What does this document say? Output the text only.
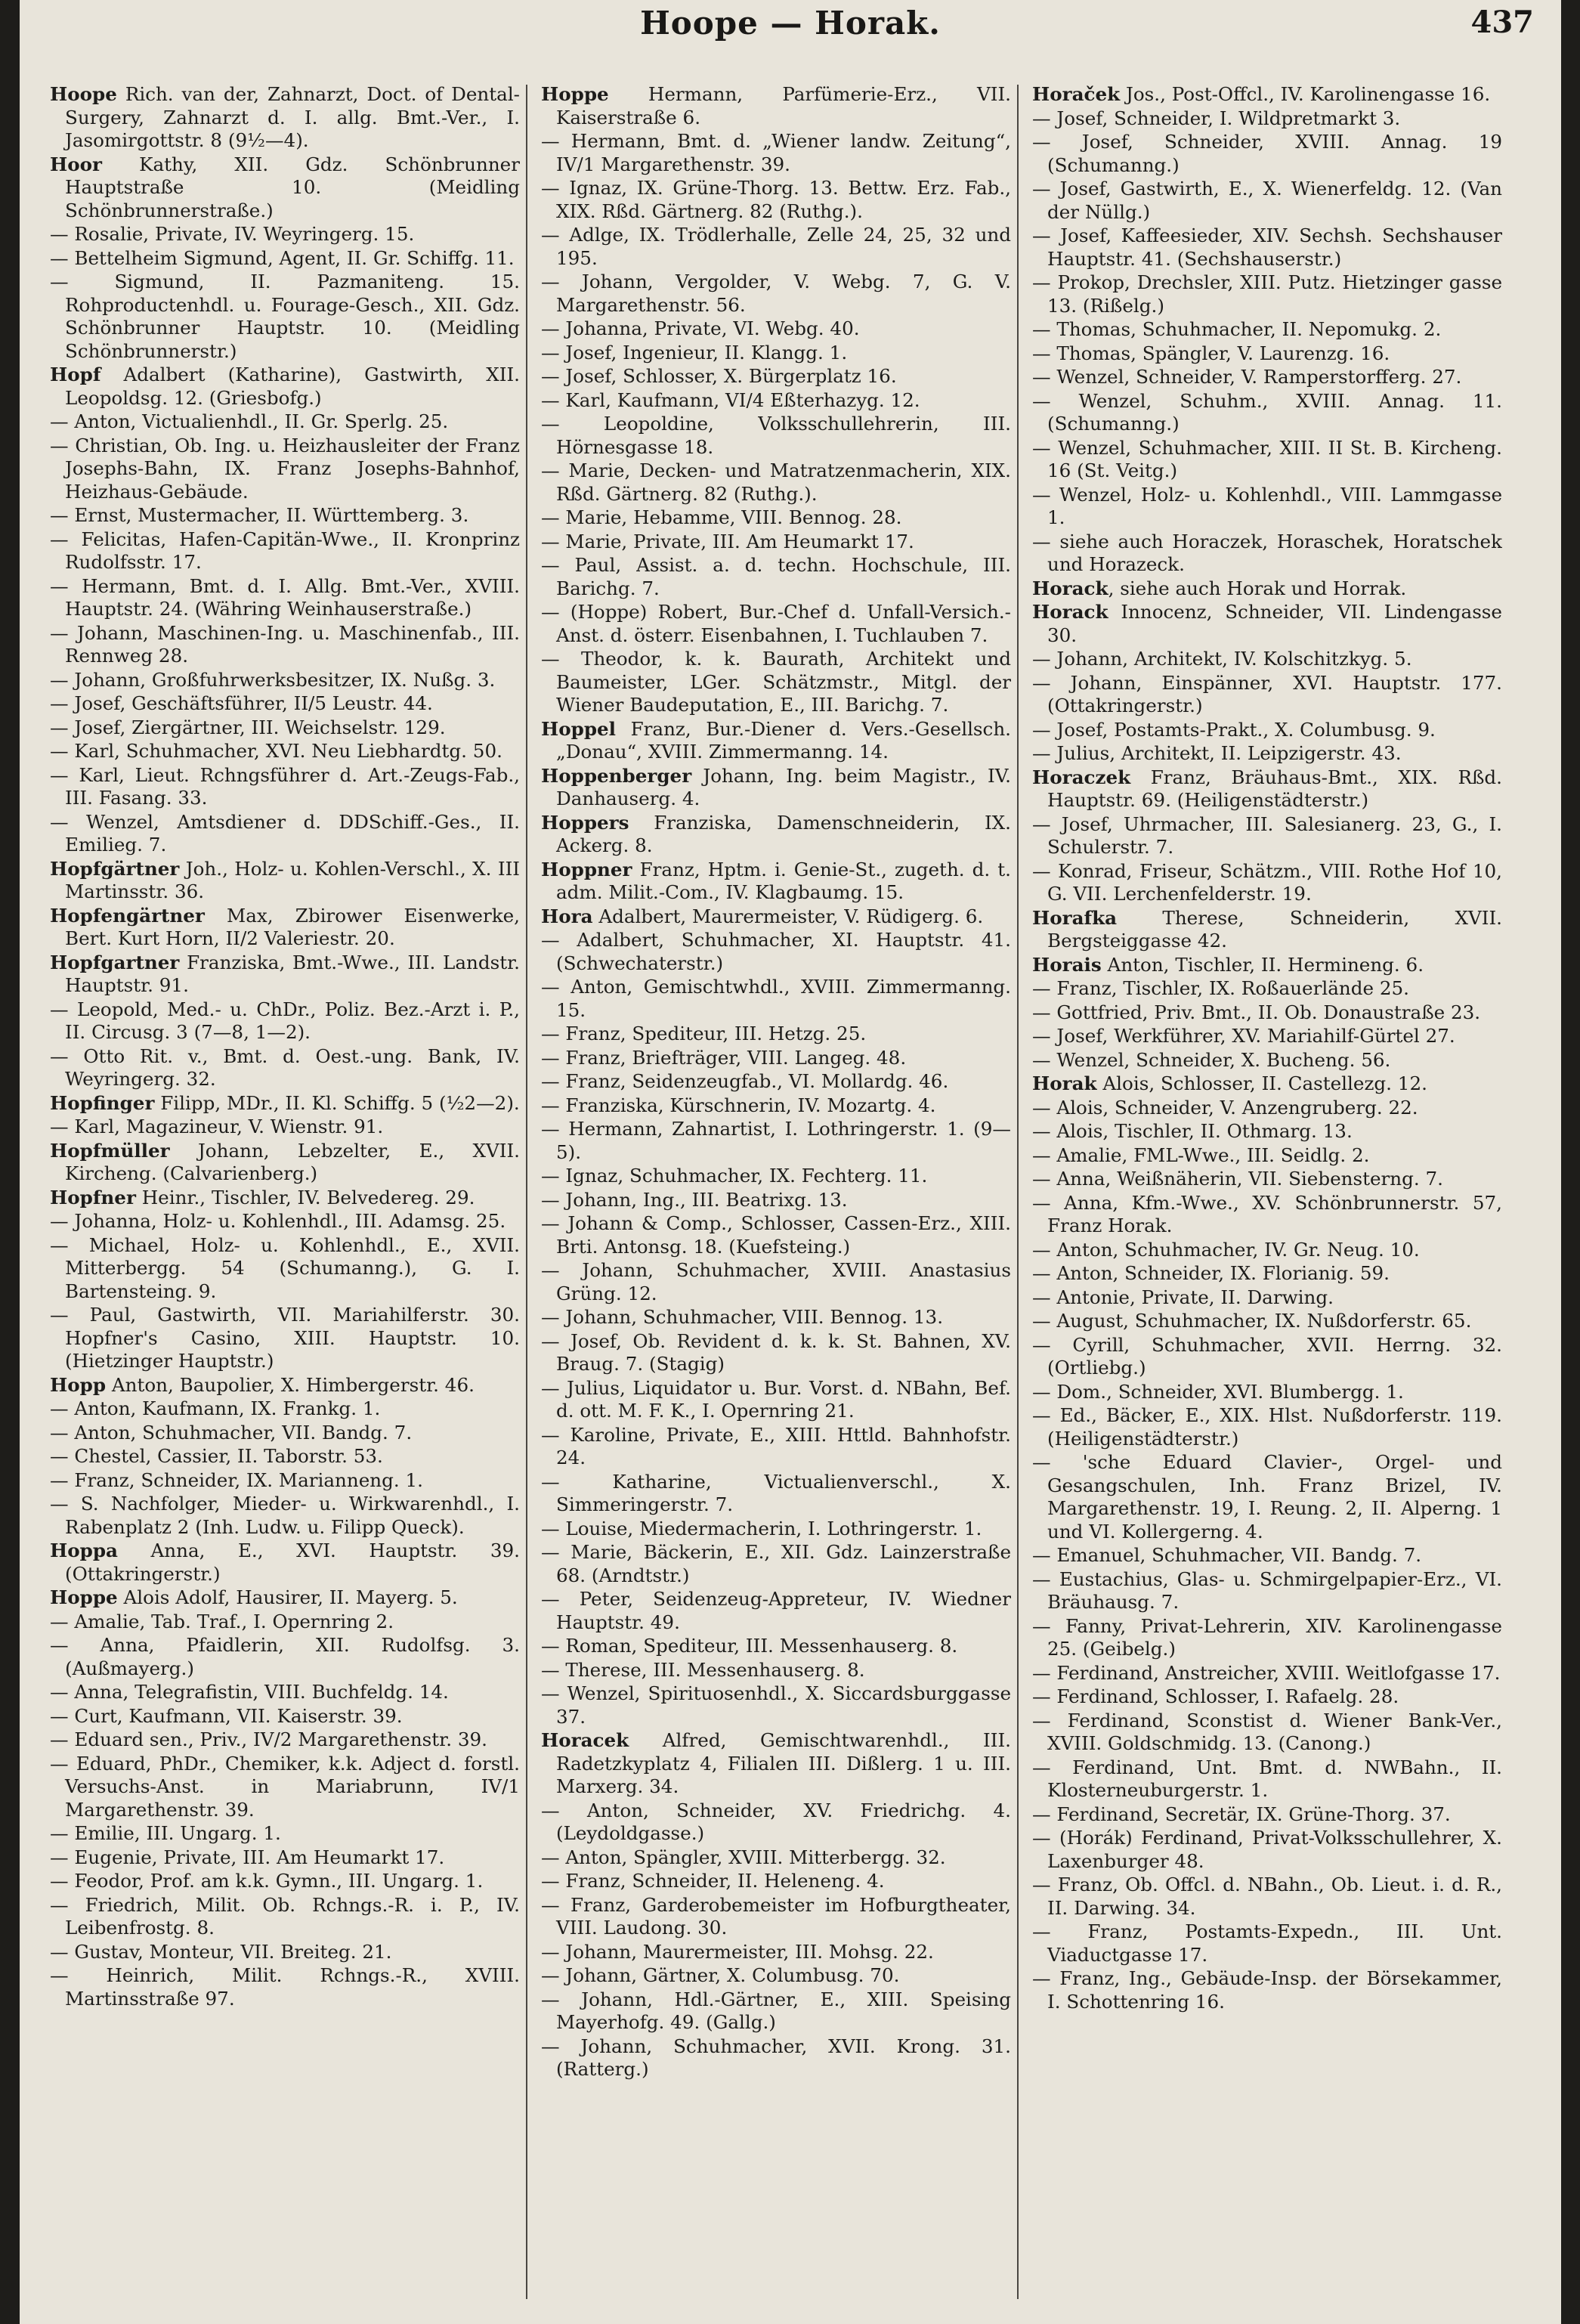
Hoope — Horak.	437

Hoope Rich. van der, Zahnarzt, Doct. of Dental-Surgery, Zahnarzt d. I. allg. Bmt.-Ver., I. Jasomirgottstr. 8 (9½—4).

Hoor Kathy, XII. Gdz. Schönbrunner Hauptstraße 10. (Meidling Schönbrunnerstraße.)

— Rosalie, Private, IV. Weyringerg. 15.

— Bettelheim Sigmund, Agent, II. Gr. Schiffg. 11.

— Sigmund, II. Pazmaniteng. 15. Rohproductenhdl. u. Fourage-Gesch., XII. Gdz. Schönbrunner Hauptstr. 10. (Meidling Schönbrunnerstr.)

Hopf Adalbert (Katharine), Gastwirth, XII. Leopoldsg. 12. (Griesbofg.)

— Anton, Victualienhdl., II. Gr. Sperlg. 25.

— Christian, Ob. Ing. u. Heizhausleiter der Franz Josephs-Bahn, IX. Franz Josephs-Bahnhof, Heizhaus-Gebäude.

— Ernst, Mustermacher, II. Württemberg. 3.

— Felicitas, Hafen-Capitän-Wwe., II. Kronprinz Rudolfsstr. 17.

— Hermann, Bmt. d. I. Allg. Bmt.-Ver., XVIII. Hauptstr. 24. (Währing Weinhauserstraße.)

— Johann, Maschinen-Ing. u. Maschinenfab., III. Rennweg 28.

— Johann, Großfuhrwerksbesitzer, IX. Nußg. 3.

— Josef, Geschäftsführer, II/5 Leustr. 44.

— Josef, Ziergärtner, III. Weichselstr. 129.

— Karl, Schuhmacher, XVI. Neu Liebhardtg. 50.

— Karl, Lieut. Rchngsführer d. Art.-Zeugs-Fab., III. Fasang. 33.

— Wenzel, Amtsdiener d. DDSchiff.-Ges., II. Emilieg. 7.

Hopfgärtner Joh., Holz- u. Kohlen-Verschl., X. III Martinsstr. 36.

Hopfengärtner Max, Zbirower Eisenwerke, Bert. Kurt Horn, II/2 Valeriestr. 20.

Hopfgartner Franziska, Bmt.-Wwe., III. Landstr. Hauptstr. 91.

— Leopold, Med.- u. ChDr., Poliz. Bez.-Arzt i. P., II. Circusg. 3 (7—8, 1—2).

— Otto Rit. v., Bmt. d. Oest.-ung. Bank, IV. Weyringerg. 32.

Hopfinger Filipp, MDr., II. Kl. Schiffg. 5 (½2—2).

— Karl, Magazineur, V. Wienstr. 91.

Hopfmüller Johann, Lebzelter, E., XVII. Kircheng. (Calvarienberg.)

Hopfner Heinr., Tischler, IV. Belvedereg. 29.

— Johanna, Holz- u. Kohlenhdl., III. Adamsg. 25.

— Michael, Holz- u. Kohlenhdl., E., XVII. Mitterbergg. 54 (Schumanng.), G. I. Bartensteing. 9.

— Paul, Gastwirth, VII. Mariahilferstr. 30. Hopfner's Casino, XIII. Hauptstr. 10. (Hietzinger Hauptstr.)

Hopp Anton, Baupolier, X. Himbergerstr. 46.

— Anton, Kaufmann, IX. Frankg. 1.

— Anton, Schuhmacher, VII. Bandg. 7.

— Chestel, Cassier, II. Taborstr. 53.

— Franz, Schneider, IX. Marianneng. 1.

— S. Nachfolger, Mieder- u. Wirkwarenhdl., I. Rabenplatz 2 (Inh. Ludw. u. Filipp Queck).

Hoppa Anna, E., XVI. Hauptstr. 39. (Ottakringerstr.)

Hoppe Alois Adolf, Hausirer, II. Mayerg. 5.

— Amalie, Tab. Traf., I. Opernring 2.

— Anna, Pfaidlerin, XII. Rudolfsg. 3. (Außmayerg.)

— Anna, Telegrafistin, VIII. Buchfeldg. 14.

— Curt, Kaufmann, VII. Kaiserstr. 39.

— Eduard sen., Priv., IV/2 Margarethenstr. 39.

— Eduard, PhDr., Chemiker, k.k. Adject d. forstl. Versuchs-Anst. in Mariabrunn, IV/1 Margarethenstr. 39.

— Emilie, III. Ungarg. 1.

— Eugenie, Private, III. Am Heumarkt 17.

— Feodor, Prof. am k.k. Gymn., III. Ungarg. 1.

— Friedrich, Milit. Ob. Rchngs.-R. i. P., IV. Leibenfrostg. 8.

— Gustav, Monteur, VII. Breiteg. 21.

— Heinrich, Milit. Rchngs.-R., XVIII. Martinsstraße 97.

Hoppe Hermann, Parfümerie-Erz., VII. Kaiserstraße 6.

— Hermann, Bmt. d. „Wiener landw. Zeitung“, IV/1 Margarethenstr. 39.

— Ignaz, IX. Grüne-Thorg. 13. Bettw. Erz. Fab., XIX. Rßd. Gärtnerg. 82 (Ruthg.).

— Adlge, IX. Trödlerhalle, Zelle 24, 25, 32 und 195.

— Johann, Vergolder, V. Webg. 7, G. V. Margarethenstr. 56.

— Johanna, Private, VI. Webg. 40.

— Josef, Ingenieur, II. Klangg. 1.

— Josef, Schlosser, X. Bürgerplatz 16.

— Karl, Kaufmann, VI/4 Eßterhazyg. 12.

— Leopoldine, Volksschullehrerin, III. Hörnesgasse 18.

— Marie, Decken- und Matratzenmacherin, XIX. Rßd. Gärtnerg. 82 (Ruthg.).

— Marie, Hebamme, VIII. Bennog. 28.

— Marie, Private, III. Am Heumarkt 17.

— Paul, Assist. a. d. techn. Hochschule, III. Barichg. 7.

— (Hoppe) Robert, Bur.-Chef d. Unfall-Versich.-Anst. d. österr. Eisenbahnen, I. Tuchlauben 7.

— Theodor, k. k. Baurath, Architekt und Baumeister, LGer. Schätzmstr., Mitgl. der Wiener Baudeputation, E., III. Barichg. 7.

Hoppel Franz, Bur.-Diener d. Vers.-Gesellsch. „Donau“, XVIII. Zimmermanng. 14.

Hoppenberger Johann, Ing. beim Magistr., IV. Danhauserg. 4.

Hoppers Franziska, Damenschneiderin, IX. Ackerg. 8.

Hoppner Franz, Hptm. i. Genie-St., zugeth. d. t. adm. Milit.-Com., IV. Klagbaumg. 15.

Hora Adalbert, Maurermeister, V. Rüdigerg. 6.

— Adalbert, Schuhmacher, XI. Hauptstr. 41. (Schwechaterstr.)

— Anton, Gemischtwhdl., XVIII. Zimmermanng. 15.

— Franz, Spediteur, III. Hetzg. 25.

— Franz, Briefträger, VIII. Langeg. 48.

— Franz, Seidenzeugfab., VI. Mollardg. 46.

— Franziska, Kürschnerin, IV. Mozartg. 4.

— Hermann, Zahnartist, I. Lothringerstr. 1. (9—5).

— Ignaz, Schuhmacher, IX. Fechterg. 11.

— Johann, Ing., III. Beatrixg. 13.

— Johann & Comp., Schlosser, Cassen-Erz., XIII. Brti. Antonsg. 18. (Kuefsteing.)

— Johann, Schuhmacher, XVIII. Anastasius Grüng. 12.

— Johann, Schuhmacher, VIII. Bennog. 13.

— Josef, Ob. Revident d. k. k. St. Bahnen, XV. Braug. 7. (Stagig)

— Julius, Liquidator u. Bur. Vorst. d. NBahn, Bef. d. ott. M. F. K., I. Opernring 21.

— Karoline, Private, E., XIII. Httld. Bahnhofstr. 24.

— Katharine, Victualienverschl., X. Simmeringerstr. 7.

— Louise, Miedermacherin, I. Lothringerstr. 1.

— Marie, Bäckerin, E., XII. Gdz. Lainzerstraße 68. (Arndtstr.)

— Peter, Seidenzeug-Appreteur, IV. Wiedner Hauptstr. 49.

— Roman, Spediteur, III. Messenhauserg. 8.

— Therese, III. Messenhauserg. 8.

— Wenzel, Spirituosenhdl., X. Siccardsburggasse 37.

Horacek Alfred, Gemischtwarenhdl., III. Radetzkyplatz 4, Filialen III. Dißlerg. 1 u. III. Marxerg. 34.

— Anton, Schneider, XV. Friedrichg. 4. (Leydoldgasse.)

— Anton, Spängler, XVIII. Mitterbergg. 32.

— Franz, Schneider, II. Heleneng. 4.

— Franz, Garderobemeister im Hofburgtheater, VIII. Laudong. 30.

— Johann, Maurermeister, III. Mohsg. 22.

— Johann, Gärtner, X. Columbusg. 70.

— Johann, Hdl.-Gärtner, E., XIII. Speising Mayerhofg. 49. (Gallg.)

— Johann, Schuhmacher, XVII. Krong. 31. (Ratterg.)

Horaček Jos., Post-Offcl., IV. Karolinengasse 16.

— Josef, Schneider, I. Wildpretmarkt 3.

— Josef, Schneider, XVIII. Annag. 19 (Schumanng.)

— Josef, Gastwirth, E., X. Wienerfeldg. 12. (Van der Nüllg.)

— Josef, Kaffeesieder, XIV. Sechsh. Sechshauser Hauptstr. 41. (Sechshauserstr.)

— Prokop, Drechsler, XIII. Putz. Hietzinger gasse 13. (Rißelg.)

— Thomas, Schuhmacher, II. Nepomukg. 2.

— Thomas, Spängler, V. Laurenzg. 16.

— Wenzel, Schneider, V. Ramperstorfferg. 27.

— Wenzel, Schuhm., XVIII. Annag. 11. (Schumanng.)

— Wenzel, Schuhmacher, XIII. II St. B. Kircheng. 16 (St. Veitg.)

— Wenzel, Holz- u. Kohlenhdl., VIII. Lammgasse 1.

— siehe auch Horaczek, Horaschek, Horatschek und Horazeck.

Horack, siehe auch Horak und Horrak.

Horack Innocenz, Schneider, VII. Lindengasse 30.

— Johann, Architekt, IV. Kolschitzkyg. 5.

— Johann, Einspänner, XVI. Hauptstr. 177. (Ottakringerstr.)

— Josef, Postamts-Prakt., X. Columbusg. 9.

— Julius, Architekt, II. Leipzigerstr. 43.

Horaczek Franz, Bräuhaus-Bmt., XIX. Rßd. Hauptstr. 69. (Heiligenstädterstr.)

— Josef, Uhrmacher, III. Salesianerg. 23, G., I. Schulerstr. 7.

— Konrad, Friseur, Schätzm., VIII. Rothe Hof 10, G. VII. Lerchenfelderstr. 19.

Horafka Therese, Schneiderin, XVII. Bergsteiggasse 42.

Horais Anton, Tischler, II. Hermineng. 6.

— Franz, Tischler, IX. Roßauerlände 25.

— Gottfried, Priv. Bmt., II. Ob. Donaustraße 23.

— Josef, Werkführer, XV. Mariahilf-Gürtel 27.

— Wenzel, Schneider, X. Bucheng. 56.

Horak Alois, Schlosser, II. Castellezg. 12.

— Alois, Schneider, V. Anzengruberg. 22.

— Alois, Tischler, II. Othmarg. 13.

— Amalie, FML-Wwe., III. Seidlg. 2.

— Anna, Weißnäherin, VII. Siebensterng. 7.

— Anna, Kfm.-Wwe., XV. Schönbrunnerstr. 57, Franz Horak.

— Anton, Schuhmacher, IV. Gr. Neug. 10.

— Anton, Schneider, IX. Florianig. 59.

— Antonie, Private, II. Darwing.

— August, Schuhmacher, IX. Nußdorferstr. 65.

— Cyrill, Schuhmacher, XVII. Herrng. 32. (Ortliebg.)

— Dom., Schneider, XVI. Blumbergg. 1.

— Ed., Bäcker, E., XIX. Hlst. Nußdorferstr. 119. (Heiligenstädterstr.)

— 'sche Eduard Clavier-, Orgel- und Gesangschulen, Inh. Franz Brizel, IV. Margarethenstr. 19, I. Reung. 2, II. Alperng. 1 und VI. Kollergerng. 4.

— Emanuel, Schuhmacher, VII. Bandg. 7.

— Eustachius, Glas- u. Schmirgelpapier-Erz., VI. Bräuhausg. 7.

— Fanny, Privat-Lehrerin, XIV. Karolinengasse 25. (Geibelg.)

— Ferdinand, Anstreicher, XVIII. Weitlofgasse 17.

— Ferdinand, Schlosser, I. Rafaelg. 28.

— Ferdinand, Sconstist d. Wiener Bank-Ver., XVIII. Goldschmidg. 13. (Canong.)

— Ferdinand, Unt. Bmt. d. NWBahn., II. Klosterneuburgerstr. 1.

— Ferdinand, Secretär, IX. Grüne-Thorg. 37.

— (Horák) Ferdinand, Privat-Volksschullehrer, X. Laxenburger 48.

— Franz, Ob. Offcl. d. NBahn., Ob. Lieut. i. d. R., II. Darwing. 34.

— Franz, Postamts-Expedn., III. Unt. Viaductgasse 17.

— Franz, Ing., Gebäude-Insp. der Börsekammer, I. Schottenring 16.
